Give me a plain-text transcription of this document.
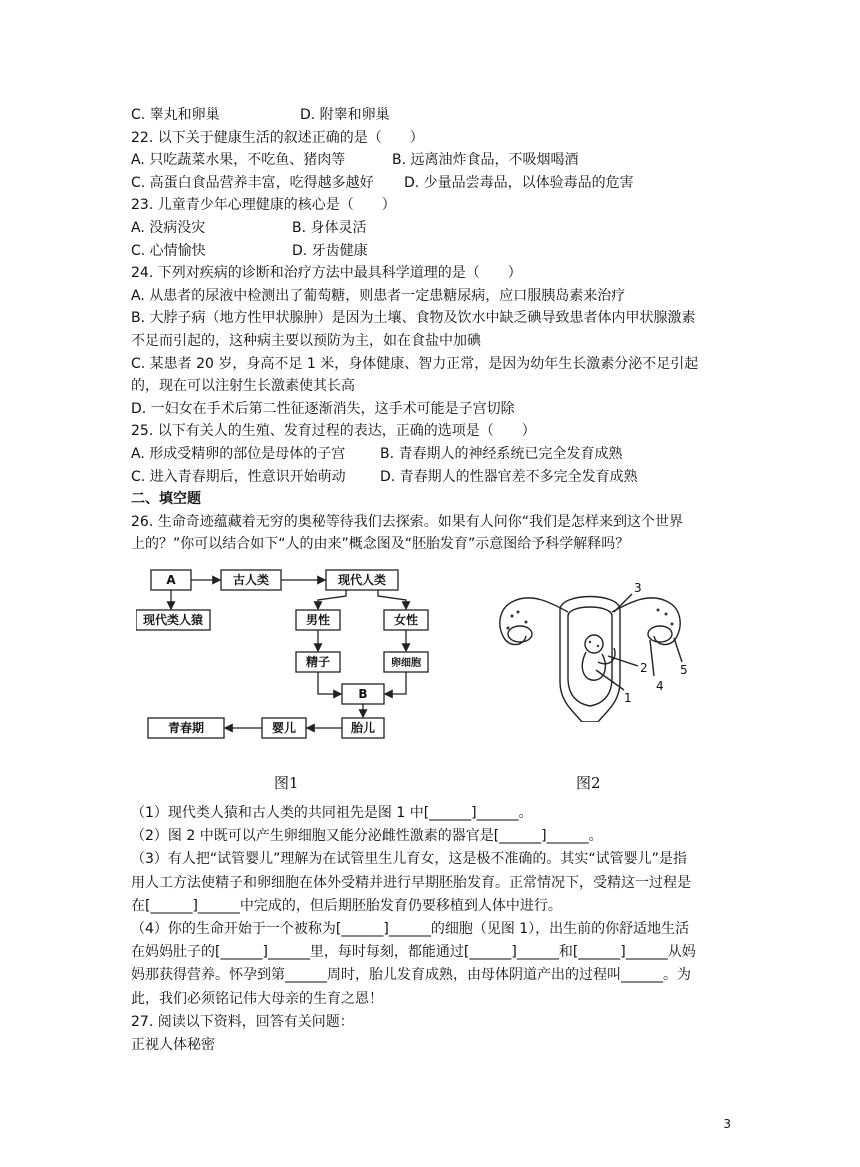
C. 睾丸和卵巢	D. 附睾和卵巢
22. 以下关于健康生活的叙述正确的是（　　）
A. 只吃蔬菜水果，不吃鱼、猪肉等	B. 远离油炸食品，不吸烟喝酒
C. 高蛋白食品营养丰富，吃得越多越好 D. 少量品尝毒品，以体验毒品的危害
23. 儿童青少年心理健康的核心是（　　）
A. 没病没灾	B. 身体灵活
C. 心情愉快	D. 牙齿健康
24. 下列对疾病的诊断和治疗方法中最具科学道理的是（　　）
A. 从患者的尿液中检测出了葡萄糖，则患者一定患糖尿病，应口服胰岛素来治疗
B. 大脖子病（地方性甲状腺肿）是因为土壤、食物及饮水中缺乏碘导致患者体内甲状腺激素
不足而引起的，这种病主要以预防为主，如在食盐中加碘
C. 某患者 20 岁，身高不足 1 米，身体健康、智力正常，是因为幼年生长激素分泌不足引起
的，现在可以注射生长激素使其长高
D. 一妇女在手术后第二性征逐渐消失，这手术可能是子宫切除
25. 以下有关人的生殖、发育过程的表达，正确的选项是（　　）
A. 形成受精卵的部位是母体的子宫 B. 青春期人的神经系统已完全发育成熟
C. 进入青春期后，性意识开始萌动 D. 青春期人的性器官差不多完全发育成熟
二、填空题
26. 生命奇迹蕴藏着无穷的奥秘等待我们去探索。如果有人问你“我们是怎样来到这个世界
上的？”你可以结合如下“人的由来”概念图及“胚胎发育”示意图给予科学解释吗？
A	古人类	现代人类
现代类人猿	男性	女性
精子	卵细胞
B
胎儿
婴儿
青春期
1
2
3
4
5
图1	图2
（1）现代类人猿和古人类的共同祖先是图 1 中[______]______。
（2）图 2 中既可以产生卵细胞又能分泌雌性激素的器官是[______]______。
（3）有人把“试管婴儿”理解为在试管里生儿育女，这是极不准确的。其实“试管婴儿”是指
用人工方法使精子和卵细胞在体外受精并进行早期胚胎发育。正常情况下，受精这一过程是
在[______]______中完成的，但后期胚胎发育仍要移植到人体中进行。
（4）你的生命开始于一个被称为[______]______的细胞（见图 1），出生前的你舒适地生活
在妈妈肚子的[______]______里，每时每刻，都能通过[______]______和[______]______从妈
妈那获得营养。怀孕到第______周时，胎儿发育成熟，由母体阴道产出的过程叫______。为
此，我们必须铭记伟大母亲的生育之恩！
27. 阅读以下资料，回答有关问题：
正视人体秘密
3
